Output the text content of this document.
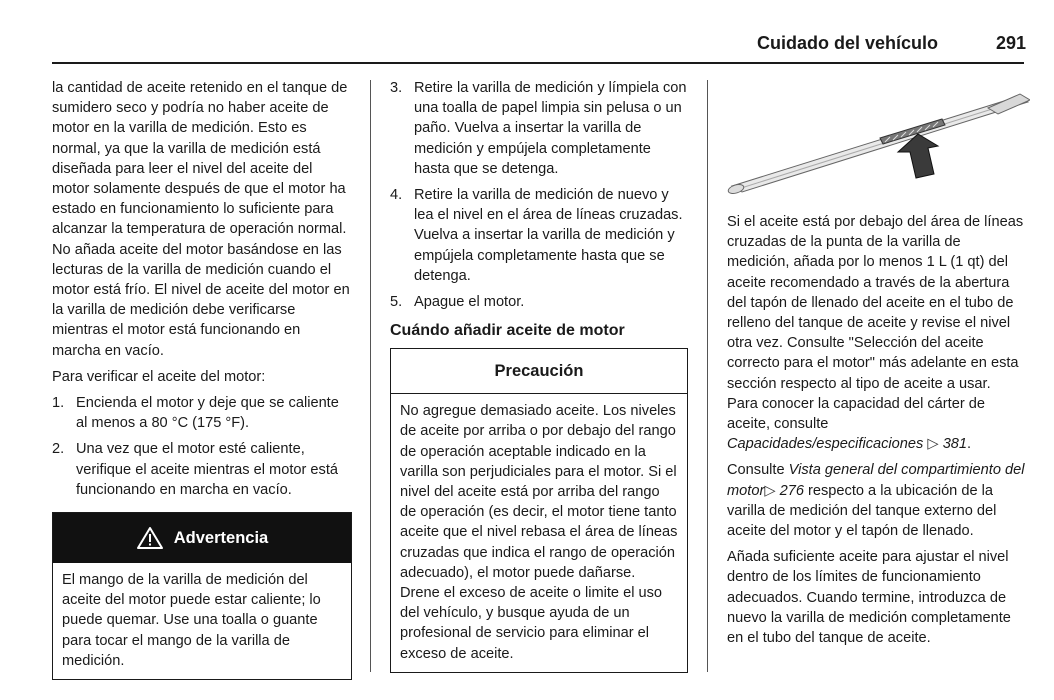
Cuidado del vehículo	291

la cantidad de aceite retenido en el tanque de sumidero seco y podría no haber aceite de motor en la varilla de medición. Esto es normal, ya que la varilla de medición está diseñada para leer el nivel del aceite del motor solamente después de que el motor ha estado en funcionamiento lo suficiente para alcanzar la temperatura de operación normal. No añada aceite del motor basándose en las lecturas de la varilla de medición cuando el motor está frío. El nivel de aceite del motor en la varilla de medición debe verificarse mientras el motor está funcionando en marcha en vacío.

Para verificar el aceite del motor:

1. Encienda el motor y deje que se caliente al menos a 80 °C (175 °F).
2. Una vez que el motor esté caliente, verifique el aceite mientras el motor está funcionando en marcha en vacío.
Advertencia
El mango de la varilla de medición del aceite del motor puede estar caliente; lo puede quemar. Use una toalla o guante para tocar el mango de la varilla de medición.
3. Retire la varilla de medición y límpiela con una toalla de papel limpia sin pelusa o un paño. Vuelva a insertar la varilla de medición y empújela completamente hasta que se detenga.
4. Retire la varilla de medición de nuevo y lea el nivel en el área de líneas cruzadas. Vuelva a insertar la varilla de medición y empújela completamente hasta que se detenga.
5. Apague el motor.
Cuándo añadir aceite de motor
Precaución
No agregue demasiado aceite. Los niveles de aceite por arriba o por debajo del rango de operación aceptable indicado en la varilla son perjudiciales para el motor. Si el nivel del aceite está por arriba del rango de operación (es decir, el motor tiene tanto aceite que el nivel rebasa el área de líneas cruzadas que indica el rango de operación adecuado), el motor puede dañarse. Drene el exceso de aceite o limite el uso del vehículo, y busque ayuda de un profesional de servicio para eliminar el exceso de aceite.

Si el aceite está por debajo del área de líneas cruzadas de la punta de la varilla de medición, añada por lo menos 1 L (1 qt) del aceite recomendado a través de la abertura del tapón de llenado del aceite en el tubo de relleno del tanque de aceite y revise el nivel otra vez. Consulte "Selección del aceite correcto para el motor" más adelante en esta sección respecto al tipo de aceite a usar. Para conocer la capacidad del cárter de aceite, consulte Capacidades/especificaciones ▷ 381.

Consulte Vista general del compartimiento del motor▷ 276 respecto a la ubicación de la varilla de medición del tanque externo del aceite del motor y el tapón de llenado.

Añada suficiente aceite para ajustar el nivel dentro de los límites de funcionamiento adecuados. Cuando termine, introduzca de nuevo la varilla de medición completamente en el tubo del tanque de aceite.
